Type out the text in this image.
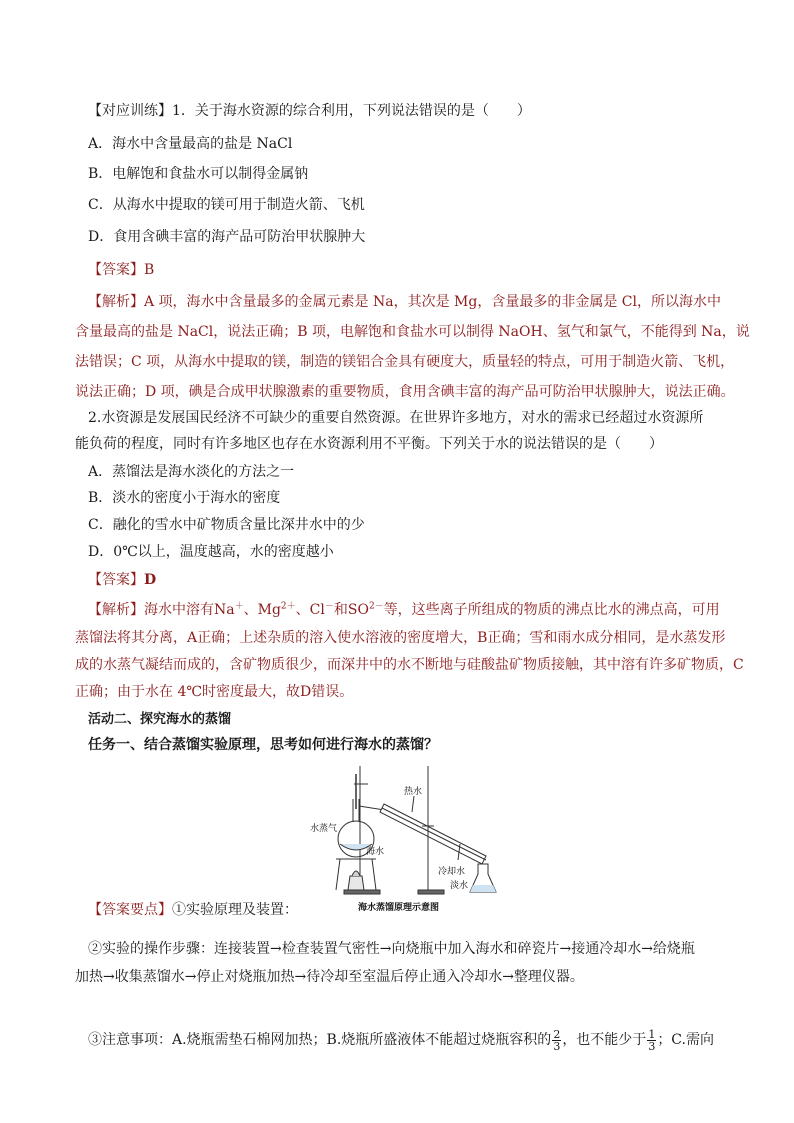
【对应训练】1．关于海水资源的综合利用，下列说法错误的是（　　）
A．海水中含量最高的盐是 NaCl
B．电解饱和食盐水可以制得金属钠
C．从海水中提取的镁可用于制造火箭、飞机
D．食用含碘丰富的海产品可防治甲状腺肿大
【答案】B
【解析】A 项，海水中含量最多的金属元素是 Na，其次是 Mg，含量最多的非金属是 Cl，所以海水中
含量最高的盐是 NaCl，说法正确；B 项，电解饱和食盐水可以制得 NaOH、氢气和氯气，不能得到 Na，说
法错误；C 项，从海水中提取的镁，制造的镁铝合金具有硬度大，质量轻的特点，可用于制造火箭、飞机，
说法正确；D 项，碘是合成甲状腺激素的重要物质，食用含碘丰富的海产品可防治甲状腺肿大，说法正确。
2.水资源是发展国民经济不可缺少的重要自然资源。在世界许多地方，对水的需求已经超过水资源所
能负荷的程度，同时有许多地区也存在水资源利用不平衡。下列关于水的说法错误的是（　　）
A．蒸馏法是海水淡化的方法之一
B．淡水的密度小于海水的密度
C．融化的雪水中矿物质含量比深井水中的少
D．0℃以上，温度越高，水的密度越小
【答案】D
【解析】海水中溶有Na＋、$Mg^{2+}$、Cl－和$SO^{2-}$等，这些离子所组成的物质的沸点比水的沸点高，可用
蒸馏法将其分离，A正确；上述杂质的溶入使水溶液的密度增大，B正确；雪和雨水成分相同，是水蒸发形
成的水蒸气凝结而成的，含矿物质很少，而深井中的水不断地与硅酸盐矿物质接触，其中溶有许多矿物质，C
正确；由于水在 4℃时密度最大，故D错误。
活动二、探究海水的蒸馏
任务一、结合蒸馏实验原理，思考如何进行海水的蒸馏？
水蒸气
热水
海水
冷却水
淡水
海水蒸馏原理示意图
【答案要点】①实验原理及装置：
②实验的操作步骤：连接装置→检查装置气密性→向烧瓶中加入海水和碎瓷片→接通冷却水→给烧瓶
加热→收集蒸馏水→停止对烧瓶加热→待冷却至室温后停止通入冷却水→整理仪器。
③注意事项：A.烧瓶需垫石棉网加热；B.烧瓶所盛液体不能超过烧瓶容积的 $\frac{2}{3}$ ，也不能少于 $\frac{1}{3}$ ；C.需向
